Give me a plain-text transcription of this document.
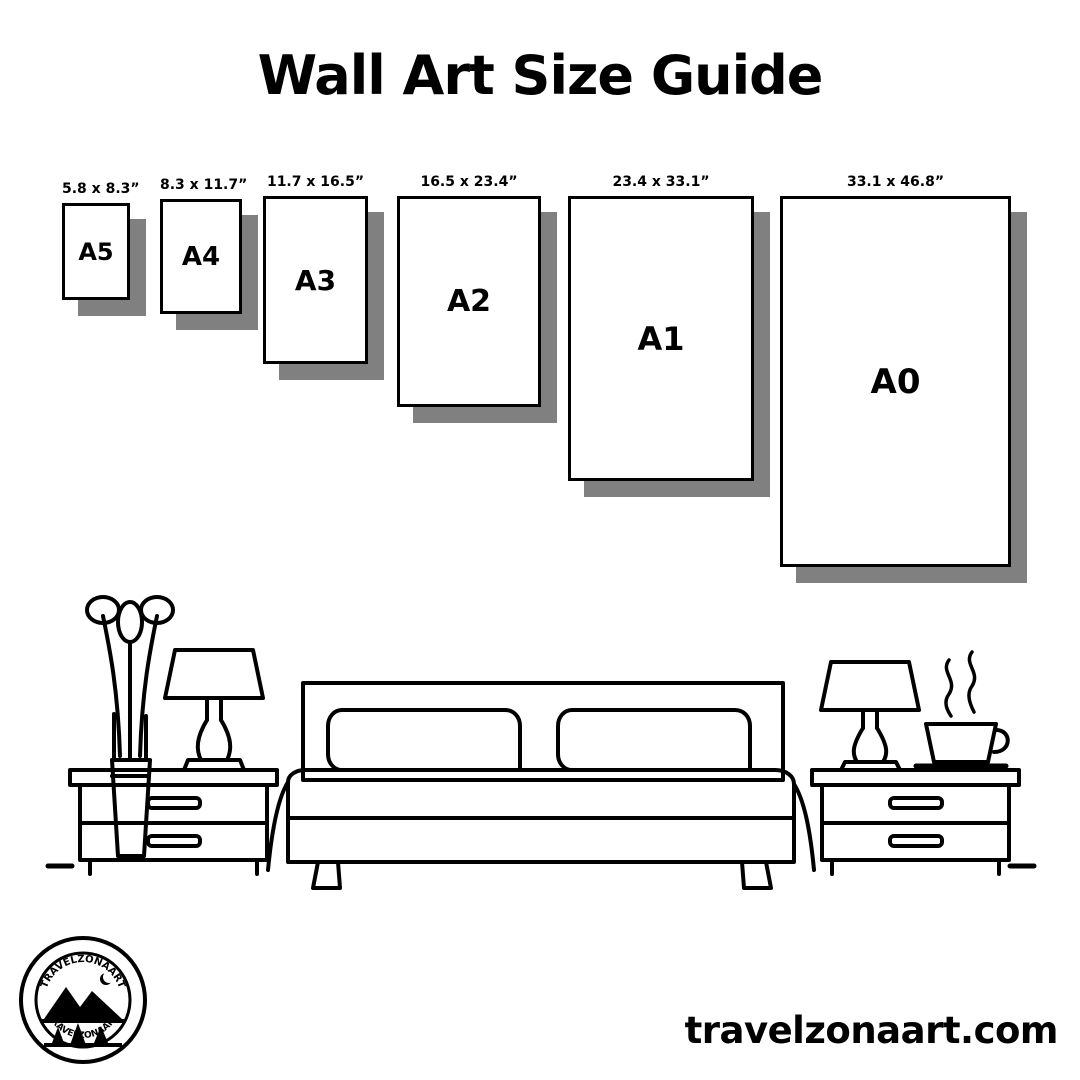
Wall Art Size Guide
A5
5.8 x 8.3”
A4
8.3 x 11.7”
A3
11.7 x 16.5”
A2
16.5 x 23.4”
A1
23.4 x 33.1”
A0
33.1 x 46.8”
TRAVELZONAART
TRAVELZONAART	travelzonaart.com
